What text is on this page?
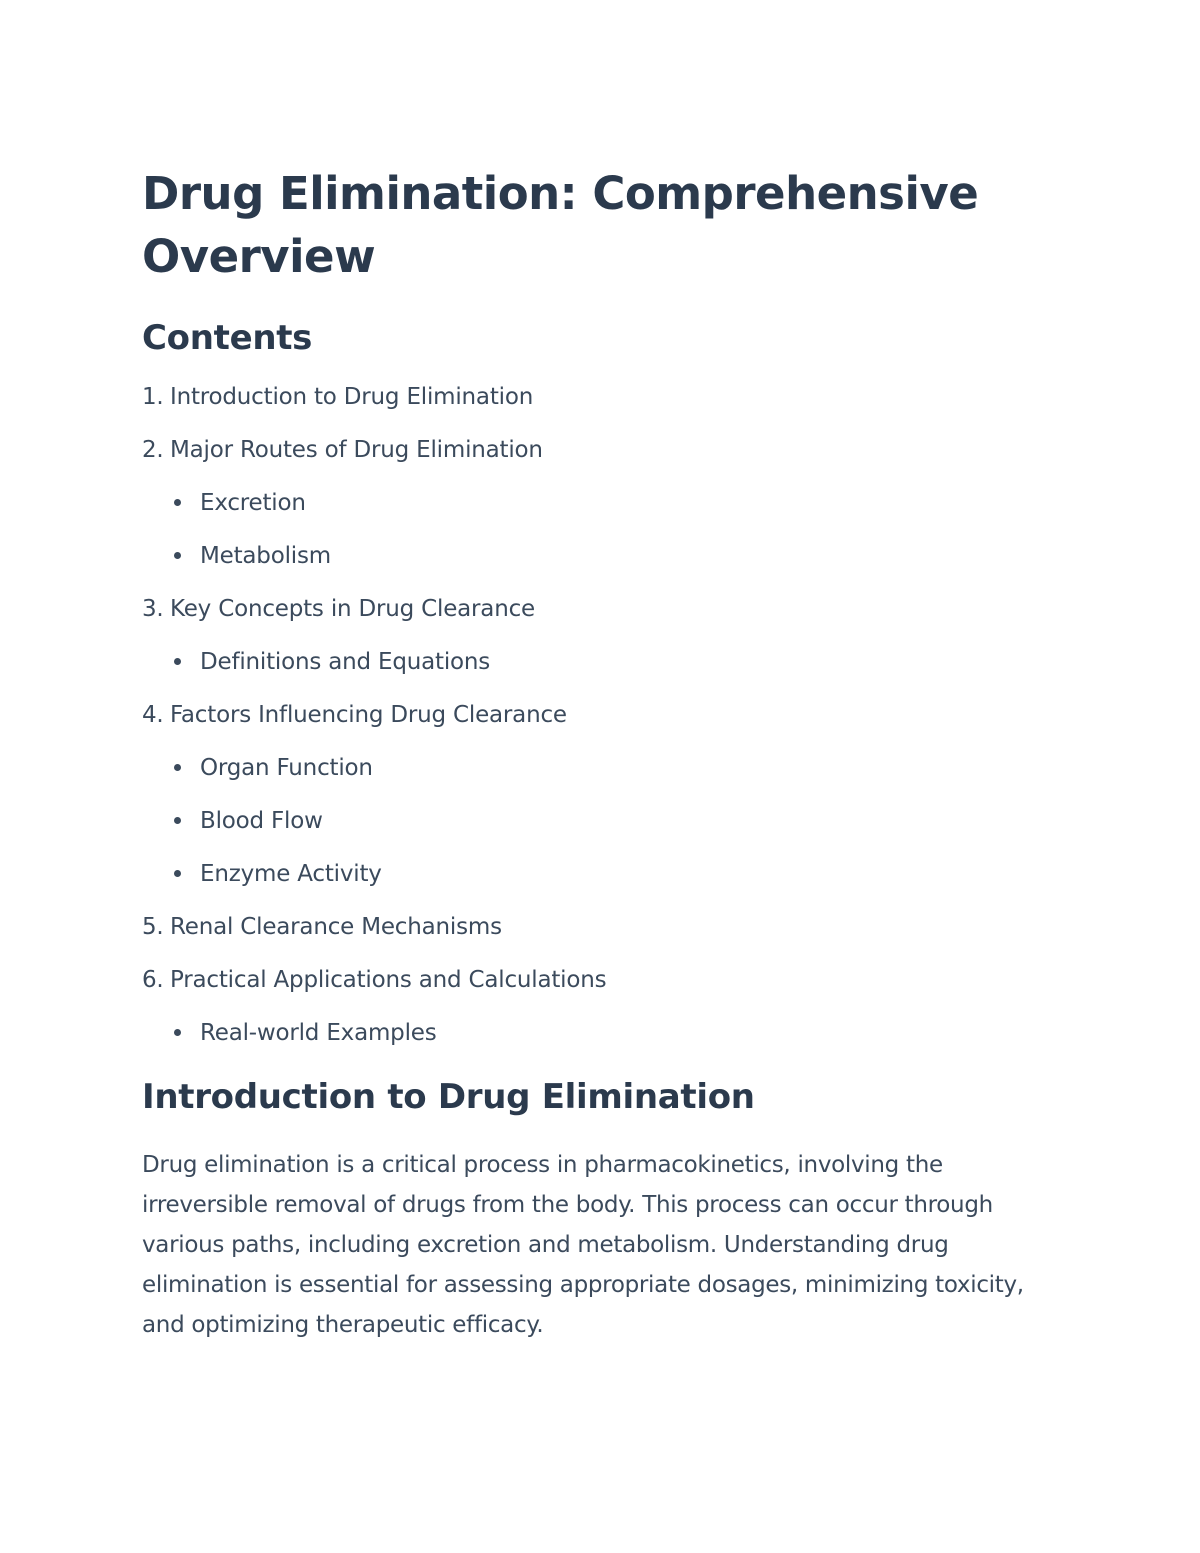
Drug Elimination: Comprehensive Overview
Contents
1. Introduction to Drug Elimination
2. Major Routes of Drug Elimination
Excretion
Metabolism
3. Key Concepts in Drug Clearance
Definitions and Equations
4. Factors Influencing Drug Clearance
Organ Function
Blood Flow
Enzyme Activity
5. Renal Clearance Mechanisms
6. Practical Applications and Calculations
Real-world Examples
Introduction to Drug Elimination

Drug elimination is a critical process in pharmacokinetics, involving the irreversible removal of drugs from the body. This process can occur through various paths, including excretion and metabolism. Understanding drug elimination is essential for assessing appropriate dosages, minimizing toxicity, and optimizing therapeutic efficacy.
